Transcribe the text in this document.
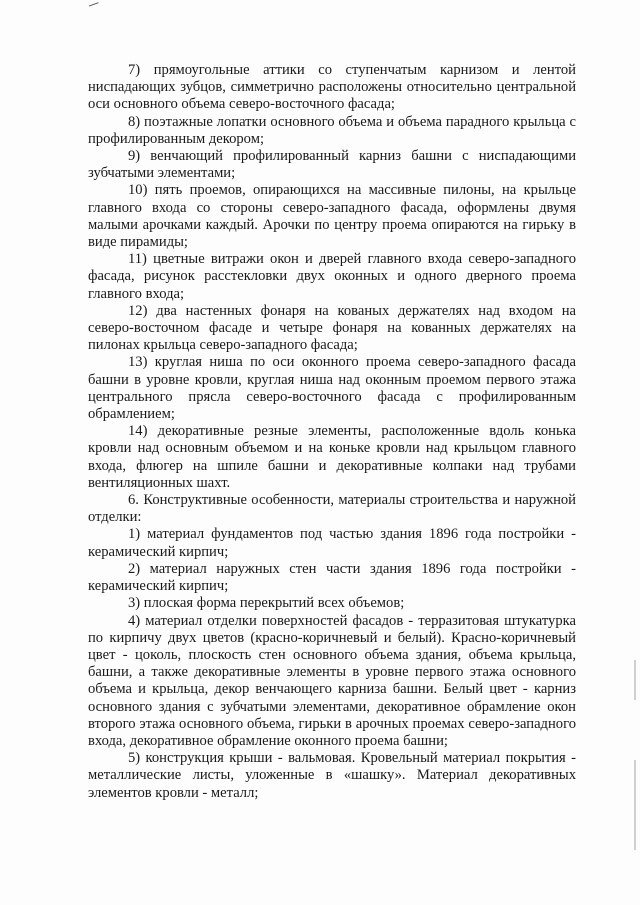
7) прямоугольные аттики со ступенчатым карнизом и лентой ниспадающих зубцов, симметрично расположены относительно центральной оси основного объема северо-восточного фасада;

8) поэтажные лопатки основного объема и объема парадного крыльца с профилированным декором;

9) венчающий профилированный карниз башни с ниспадающими зубчатыми элементами;

10) пять проемов, опирающихся на массивные пилоны, на крыльце главного входа со стороны северо-западного фасада, оформлены двумя малыми арочками каждый. Арочки по центру проема опираются на гирьку в виде пирамиды;

11) цветные витражи окон и дверей главного входа северо-западного фасада, рисунок расстекловки двух оконных и одного дверного проема главного входа;

12) два настенных фонаря на кованых держателях над входом на северо-восточном фасаде и четыре фонаря на кованных держателях на пилонах крыльца северо-западного фасада;

13) круглая ниша по оси оконного проема северо-западного фасада башни в уровне кровли, круглая ниша над оконным проемом первого этажа центрального прясла северо-восточного фасада с профилированным обрамлением;

14) декоративные резные элементы, расположенные вдоль конька кровли над основным объемом и на коньке кровли над крыльцом главного входа, флюгер на шпиле башни и декоративные колпаки над трубами вентиляционных шахт.

6. Конструктивные особенности, материалы строительства и наружной отделки:

1) материал фундаментов под частью здания 1896 года постройки - керамический кирпич;

2) материал наружных стен части здания 1896 года постройки - керамический кирпич;

3) плоская форма перекрытий всех объемов;

4) материал отделки поверхностей фасадов - терразитовая штукатурка по кирпичу двух цветов (красно-коричневый и белый). Красно-коричневый цвет - цоколь, плоскость стен основного объема здания, объема крыльца, башни, а также декоративные элементы в уровне первого этажа основного объема и крыльца, декор венчающего карниза башни. Белый цвет - карниз основного здания с зубчатыми элементами, декоративное обрамление окон второго этажа основного объема, гирьки в арочных проемах северо-западного входа, декоративное обрамление оконного проема башни;

5) конструкция крыши - вальмовая. Кровельный материал покрытия - металлические листы, уложенные в «шашку». Материал декоративных элементов кровли - металл;
